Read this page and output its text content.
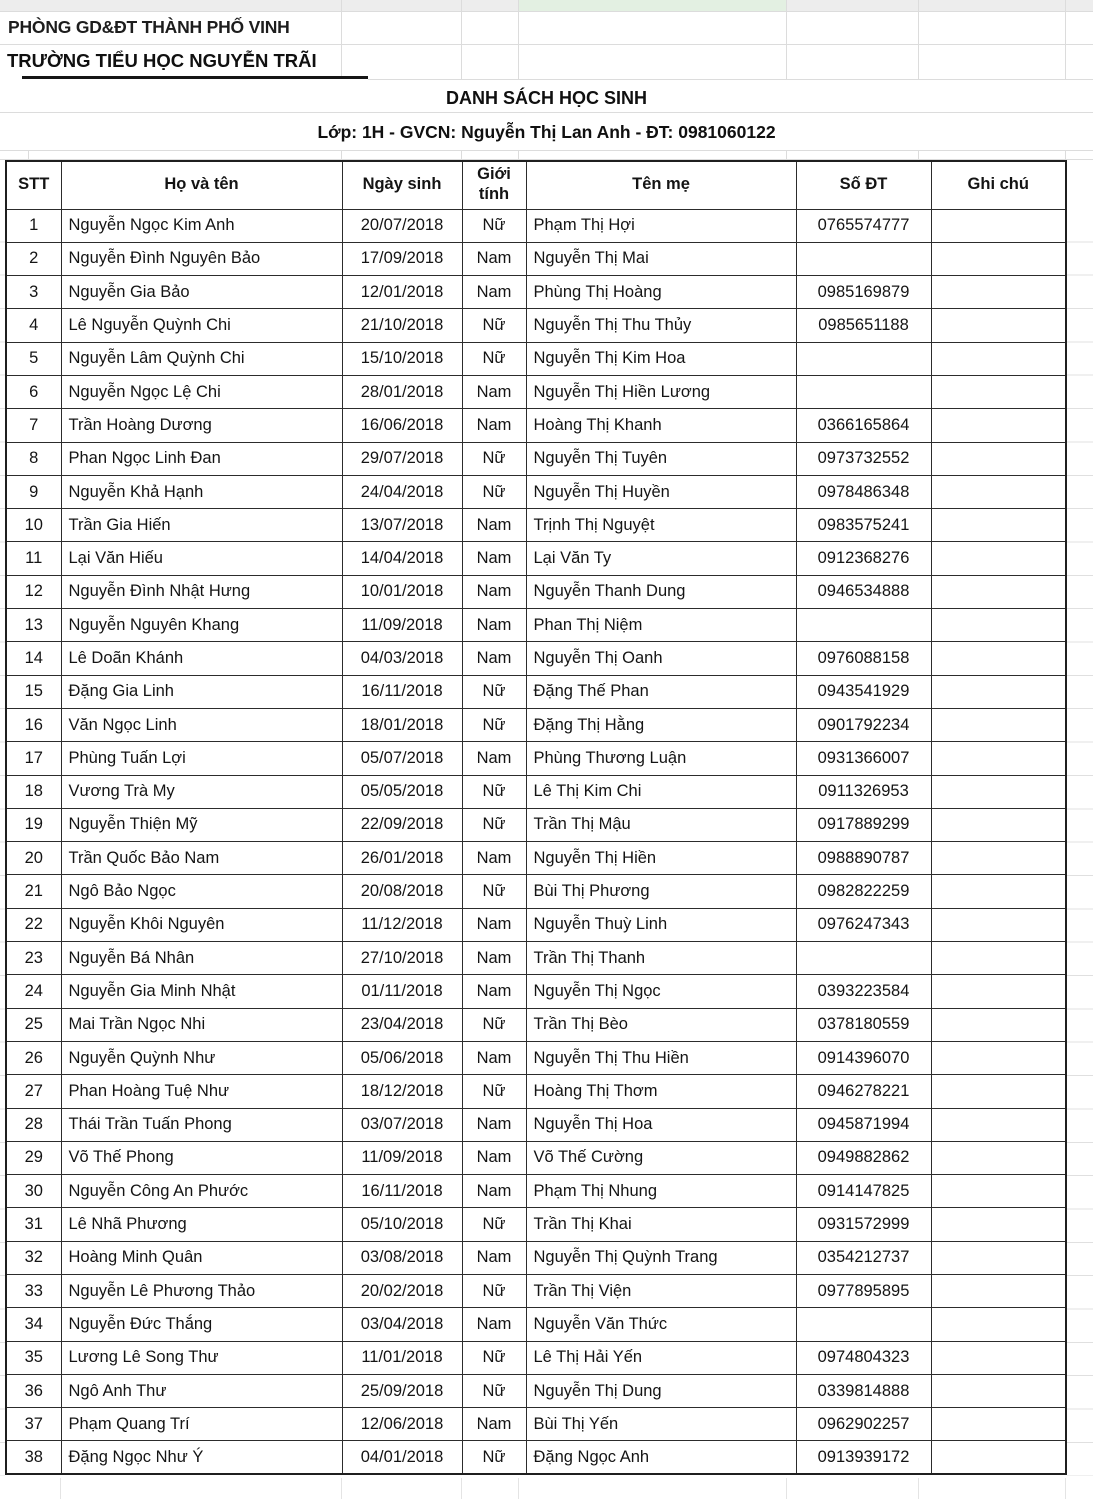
PHÒNG GD&ĐT THÀNH PHỐ VINH
TRƯỜNG TIỂU HỌC NGUYỄN TRÃI
DANH SÁCH HỌC SINH
Lớp: 1H - GVCN: Nguyễn Thị Lan Anh - ĐT: 0981060122
STT	Họ và tên	Ngày sinh	Giới tính	Tên mẹ	Số ĐT	Ghi chú
1	Nguyễn Ngọc Kim Anh	20/07/2018	Nữ	Phạm Thị Hợi	0765574777	
2	Nguyễn Đình Nguyên Bảo	17/09/2018	Nam	Nguyễn Thị Mai		
3	Nguyễn Gia Bảo	12/01/2018	Nam	Phùng Thị Hoàng	0985169879	
4	Lê Nguyễn Quỳnh Chi	21/10/2018	Nữ	Nguyễn Thị Thu Thủy	0985651188	
5	Nguyễn Lâm Quỳnh Chi	15/10/2018	Nữ	Nguyễn Thị Kim Hoa		
6	Nguyễn Ngọc Lệ Chi	28/01/2018	Nam	Nguyễn Thị Hiền Lương		
7	Trần Hoàng Dương	16/06/2018	Nam	Hoàng Thị Khanh	0366165864	
8	Phan Ngọc Linh Đan	29/07/2018	Nữ	Nguyễn Thị Tuyên	0973732552	
9	Nguyễn Khả Hạnh	24/04/2018	Nữ	Nguyễn Thị Huyền	0978486348	
10	Trần Gia Hiến	13/07/2018	Nam	Trịnh Thị Nguyệt	0983575241	
11	Lại Văn Hiếu	14/04/2018	Nam	Lại Văn Ty	0912368276	
12	Nguyễn Đình Nhật Hưng	10/01/2018	Nam	Nguyễn Thanh Dung	0946534888	
13	Nguyễn Nguyên Khang	11/09/2018	Nam	Phan Thị Niệm		
14	Lê Doãn Khánh	04/03/2018	Nam	Nguyễn Thị Oanh	0976088158	
15	Đặng Gia Linh	16/11/2018	Nữ	Đặng Thế Phan	0943541929	
16	Văn Ngọc Linh	18/01/2018	Nữ	Đặng Thị Hằng	0901792234	
17	Phùng Tuấn Lợi	05/07/2018	Nam	Phùng Thương Luận	0931366007	
18	Vương Trà My	05/05/2018	Nữ	Lê Thị Kim Chi	0911326953	
19	Nguyễn Thiện Mỹ	22/09/2018	Nữ	Trần Thị Mậu	0917889299	
20	Trần Quốc Bảo Nam	26/01/2018	Nam	Nguyễn Thị Hiền	0988890787	
21	Ngô Bảo Ngọc	20/08/2018	Nữ	Bùi Thị Phương	0982822259	
22	Nguyễn Khôi Nguyên	11/12/2018	Nam	Nguyễn Thuỳ Linh	0976247343	
23	Nguyễn Bá Nhân	27/10/2018	Nam	Trần Thị Thanh		
24	Nguyễn Gia Minh Nhật	01/11/2018	Nam	Nguyễn Thị Ngọc	0393223584	
25	Mai Trần Ngọc Nhi	23/04/2018	Nữ	Trần Thị Bèo	0378180559	
26	Nguyễn Quỳnh Như	05/06/2018	Nam	Nguyễn Thị Thu Hiền	0914396070	
27	Phan Hoàng Tuệ Như	18/12/2018	Nữ	Hoàng Thị Thơm	0946278221	
28	Thái Trần Tuấn Phong	03/07/2018	Nam	Nguyễn Thị Hoa	0945871994	
29	Võ Thế Phong	11/09/2018	Nam	Võ Thế Cường	0949882862	
30	Nguyễn Công An Phước	16/11/2018	Nam	Phạm Thị Nhung	0914147825	
31	Lê Nhã Phương	05/10/2018	Nữ	Trần Thị Khai	0931572999	
32	Hoàng Minh Quân	03/08/2018	Nam	Nguyễn Thị Quỳnh Trang	0354212737	
33	Nguyễn Lê Phương Thảo	20/02/2018	Nữ	Trần Thị Viện	0977895895	
34	Nguyễn Đức Thắng	03/04/2018	Nam	Nguyễn Văn Thức		
35	Lương Lê Song Thư	11/01/2018	Nữ	Lê Thị Hải Yến	0974804323	
36	Ngô Anh Thư	25/09/2018	Nữ	Nguyễn Thị Dung	0339814888	
37	Phạm Quang Trí	12/06/2018	Nam	Bùi Thị Yến	0962902257	
38	Đặng Ngọc Như Ý	04/01/2018	Nữ	Đặng Ngọc Anh	0913939172	
